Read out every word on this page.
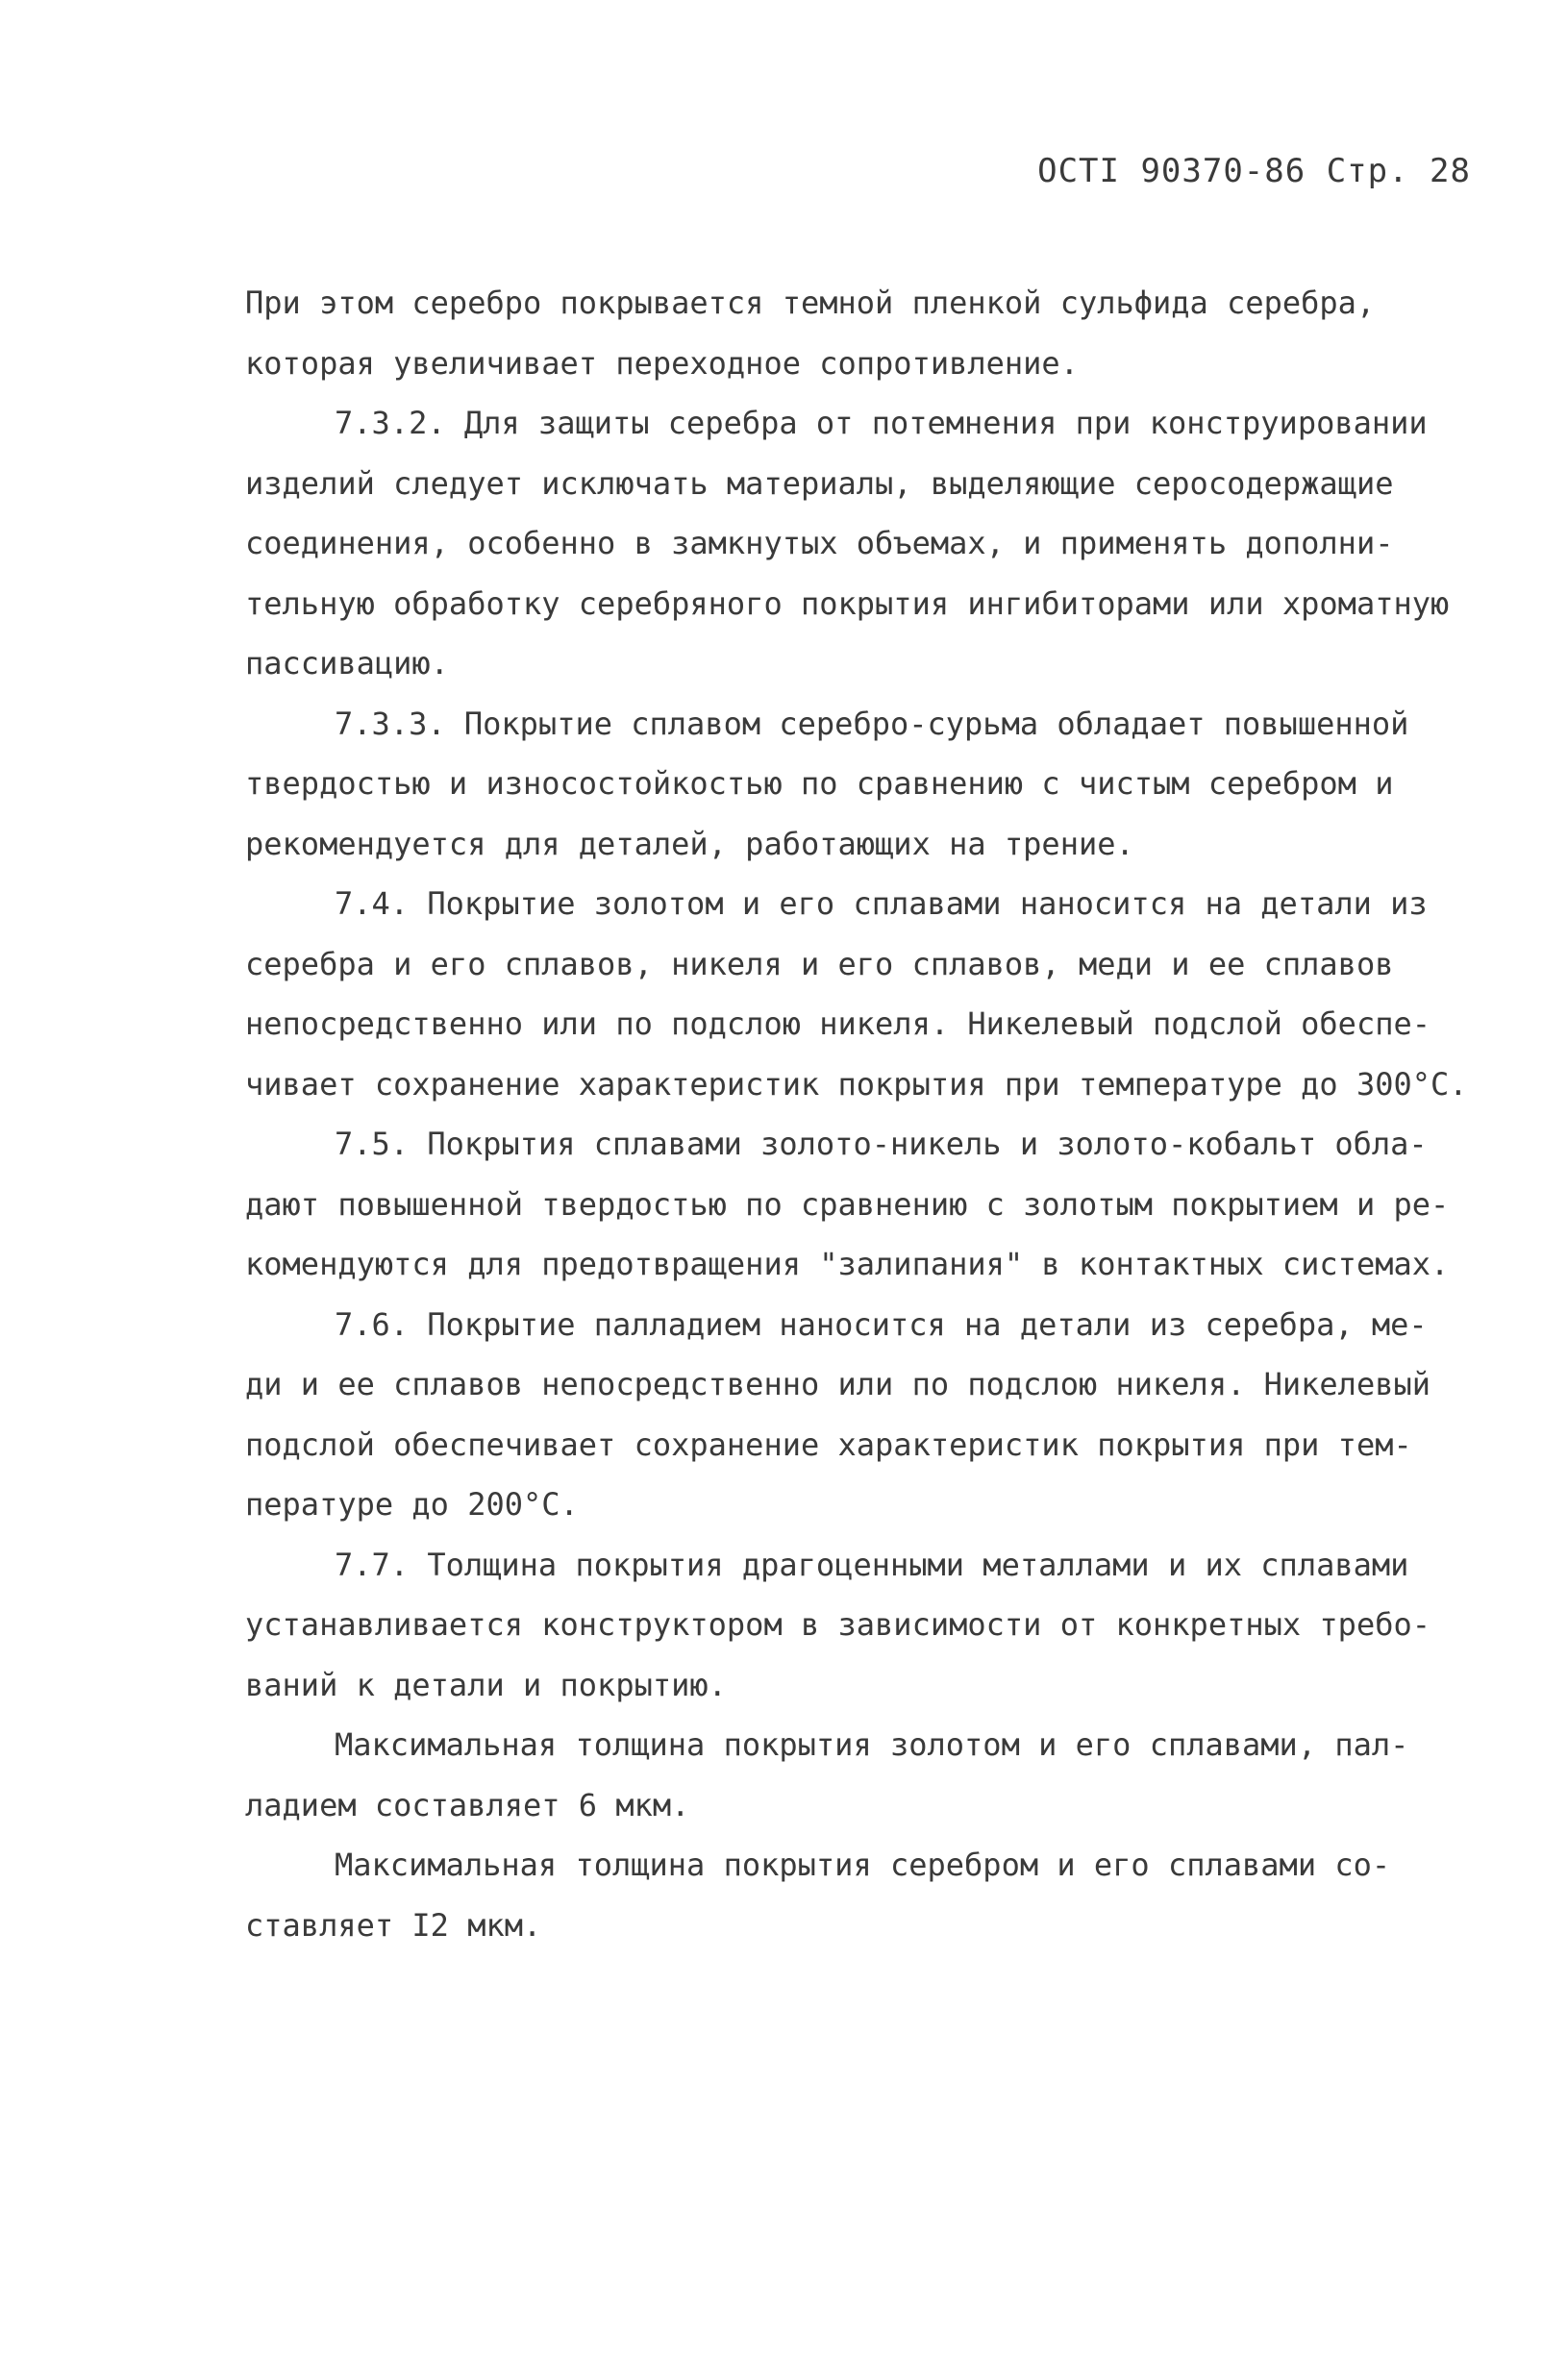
ОСТI 90370-86 Стр. 28
При этом серебро покрывается темной пленкой сульфида серебра,
которая увеличивает переходное сопротивление.
7.3.2. Для защиты серебра от потемнения при конструировании
изделий следует исключать материалы, выделяющие серосодержащие
соединения, особенно в замкнутых объемах, и применять дополни-
тельную обработку серебряного покрытия ингибиторами или хроматную
пассивацию.
7.3.3. Покрытие сплавом серебро-сурьма обладает повышенной
твердостью и износостойкостью по сравнению с чистым серебром и
рекомендуется для деталей, работающих на трение.
7.4. Покрытие золотом и его сплавами наносится на детали из
серебра и его сплавов, никеля и его сплавов, меди и ее сплавов
непосредственно или по подслою никеля. Никелевый подслой обеспе-
чивает сохранение характеристик покрытия при температуре до 300°С.
7.5. Покрытия сплавами золото-никель и золото-кобальт обла-
дают повышенной твердостью по сравнению с золотым покрытием и ре-
комендуются для предотвращения "залипания" в контактных системах.
7.6. Покрытие палладием наносится на детали из серебра, ме-
ди и ее сплавов непосредственно или по подслою никеля. Никелевый
подслой обеспечивает сохранение характеристик покрытия при тем-
пературе до 200°С.
7.7. Толщина покрытия драгоценными металлами и их сплавами
устанавливается конструктором в зависимости от конкретных требо-
ваний к детали и покрытию.
Максимальная толщина покрытия золотом и его сплавами, пал-
ладием составляет 6 мкм.
Максимальная толщина покрытия серебром и его сплавами со-
ставляет I2 мкм.
